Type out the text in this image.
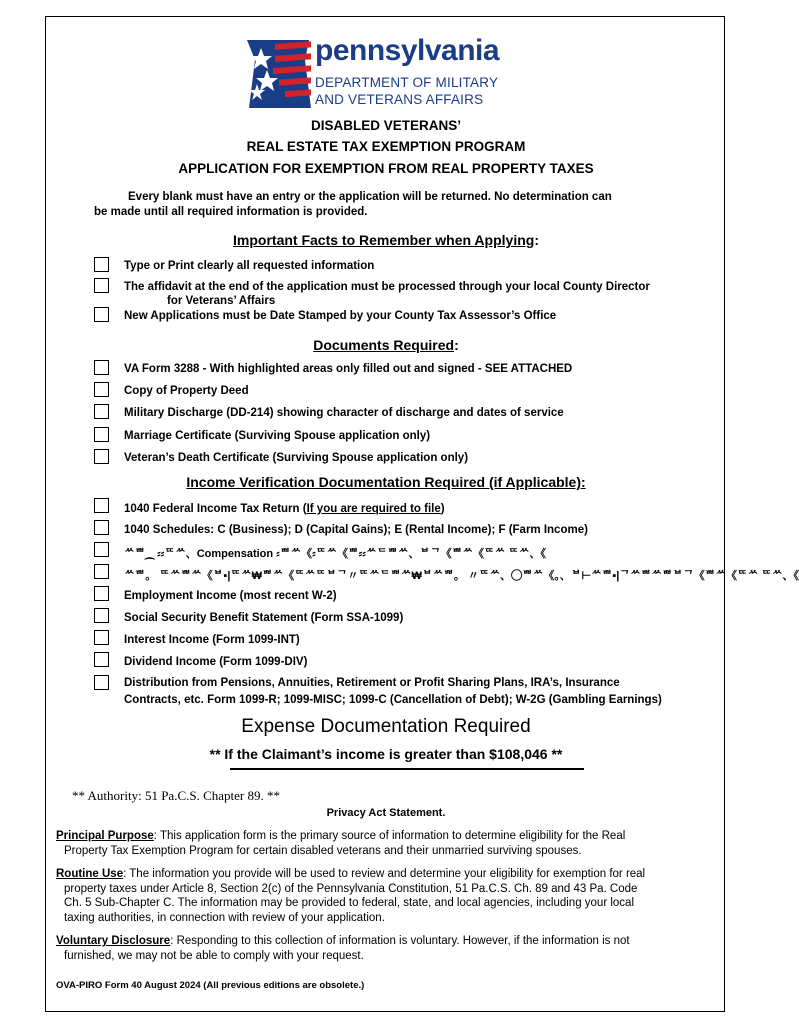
pennsylvania
DEPARTMENT OF MILITARY
AND VETERANS AFFAIRS
DISABLED VETERANS’
REAL ESTATE TAX EXEMPTION PROGRAM
APPLICATION FOR EXEMPTION FROM REAL PROPERTY TAXES
Every blank must have an entry or the application will be returned. No determination can
be made until all required information is provided.
Important Facts to Remember when Applying:
Type or Print clearly all requested information
The affidavit at the end of the application must be processed through your local County Director
for Veterans’ Affairs
New Applications must be Date Stamped by your County Tax Assessor’s Office
Documents Required:
VA Form 3288 - With highlighted areas only filled out and signed - SEE ATTACHED
Copy of Property Deed
Military Discharge (DD-214) showing character of discharge and dates of service
Marriage Certificate (Surviving Spouse application only)
Veteran’s Death Certificate (Surviving Spouse application only)
Income Verification Documentation Required (if Applicable):
1040 Federal Income Tax Return (If you are required to file)
1040 Schedules: C (Business); D (Capital Gains); E (Rental Income); F (Farm Income)
ᄊᄈ⁔ ⸗⸗ᄄᄊ、Compensation ⸗ᄈᄊ《⸗ᄄᄊ《ᄈ⸗⸗ᄊᄃᄈᄊ、ᄇᄀ《ᄈᄊ《ᄄᄊ ᄄᄊ、《
ᄊᄈ。 ᄄᄊᄈᄊ《ᄇ▪|ᄄᄊ₩ᄈᄊ《ᄄᄊᄄᄇᄀ〃ᄄᄊᄃᄈᄊ₩ᄇᄊᄈ。 〃ᄄᄊ、◯ᄈᄊ《。、ᄇ⊢ᄊᄈ▪|ᄀᄊᄈᄊᄈᄇᄀ《ᄈᄊ《ᄄᄊ ᄄᄊ、《
Employment Income (most recent W-2)
Social Security Benefit Statement (Form SSA-1099)
Interest Income (Form 1099-INT)
Dividend Income (Form 1099-DIV)
Distribution from Pensions, Annuities, Retirement or Profit Sharing Plans, IRA’s, Insurance
Contracts, etc. Form 1099-R; 1099-MISC; 1099-C (Cancellation of Debt); W-2G (Gambling Earnings)
Expense Documentation Required
** If the Claimant’s income is greater than $108,046 **
** Authority: 51 Pa.C.S. Chapter 89. **
Privacy Act Statement.
Principal Purpose: This application form is the primary source of information to determine eligibility for the Real
Property Tax Exemption Program for certain disabled veterans and their unmarried surviving spouses.
Routine Use: The information you provide will be used to review and determine your eligibility for exemption for real
property taxes under Article 8, Section 2(c) of the Pennsylvania Constitution, 51 Pa.C.S. Ch. 89 and 43 Pa. Code
Ch. 5 Sub-Chapter C. The information may be provided to federal, state, and local agencies, including your local
taxing authorities, in connection with review of your application.
Voluntary Disclosure: Responding to this collection of information is voluntary. However, if the information is not
furnished, we may not be able to comply with your request.
OVA-PIRO Form 40 August 2024 (All previous editions are obsolete.)
